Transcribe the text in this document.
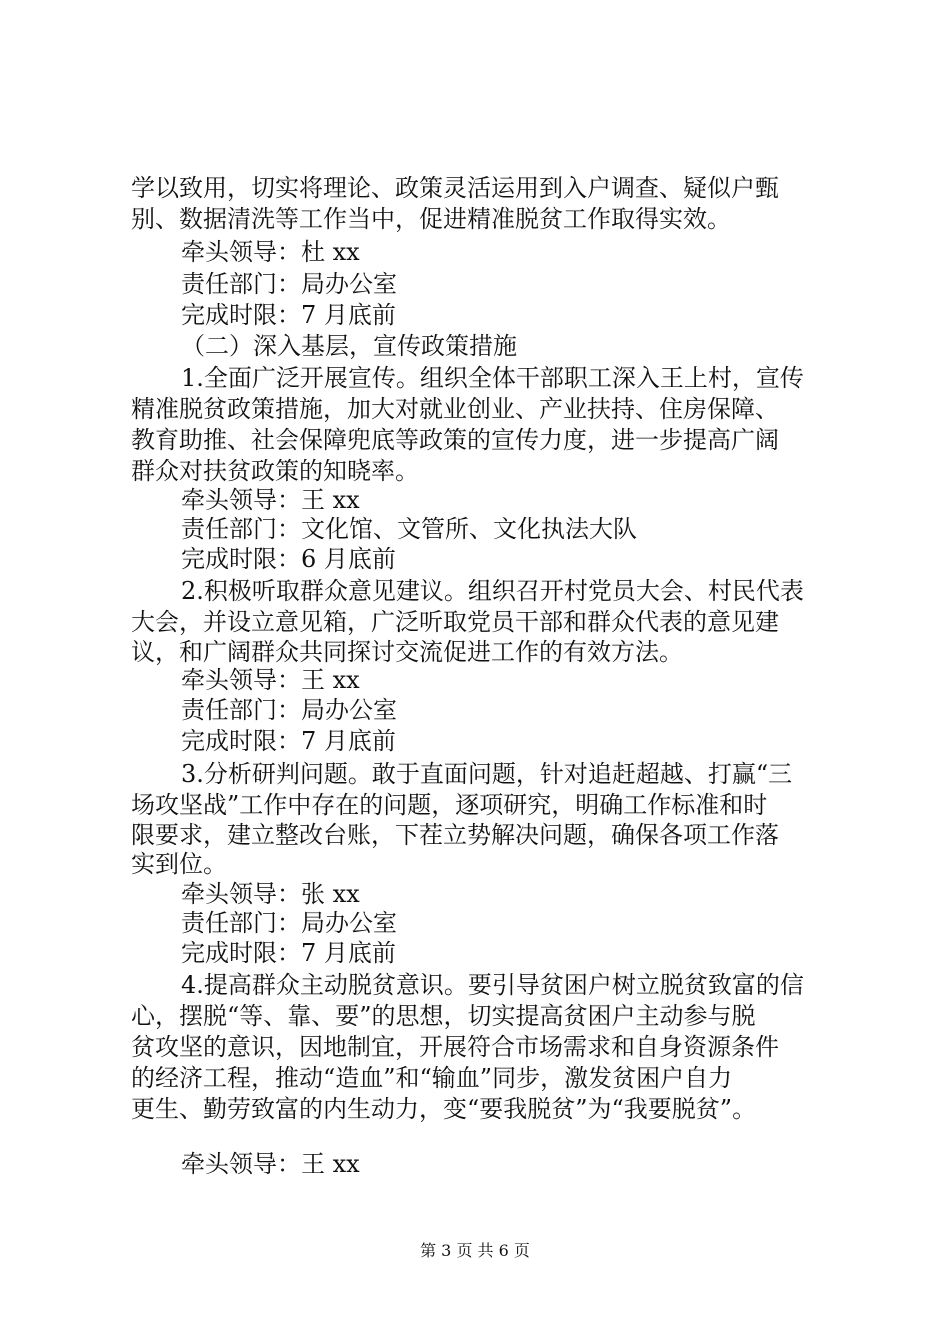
学以致用，切实将理论、政策灵活运用到入户调查、疑似户甄
别、数据清洗等工作当中，促进精准脱贫工作取得实效。
牵头领导：杜 xx
责任部门：局办公室
完成时限：7 月底前
（二）深入基层，宣传政策措施
1.全面广泛开展宣传。组织全体干部职工深入王上村，宣传
精准脱贫政策措施，加大对就业创业、产业扶持、住房保障、
教育助推、社会保障兜底等政策的宣传力度，进一步提高广阔
群众对扶贫政策的知晓率。
牵头领导：王 xx
责任部门：文化馆、文管所、文化执法大队
完成时限：6 月底前
2.积极听取群众意见建议。组织召开村党员大会、村民代表
大会，并设立意见箱，广泛听取党员干部和群众代表的意见建
议，和广阔群众共同探讨交流促进工作的有效方法。
牵头领导：王 xx
责任部门：局办公室
完成时限：7 月底前
3.分析研判问题。敢于直面问题，针对追赶超越、打赢“三
场攻坚战”工作中存在的问题，逐项研究，明确工作标准和时
限要求，建立整改台账，下茬立势解决问题，确保各项工作落
实到位。
牵头领导：张 xx
责任部门：局办公室
完成时限：7 月底前
4.提高群众主动脱贫意识。要引导贫困户树立脱贫致富的信
心，摆脱“等、靠、要”的思想，切实提高贫困户主动参与脱
贫攻坚的意识，因地制宜，开展符合市场需求和自身资源条件
的经济工程，推动“造血”和“输血”同步，激发贫困户自力
更生、勤劳致富的内生动力，变“要我脱贫”为“我要脱贫”。
牵头领导：王 xx
第 3 页 共 6 页
